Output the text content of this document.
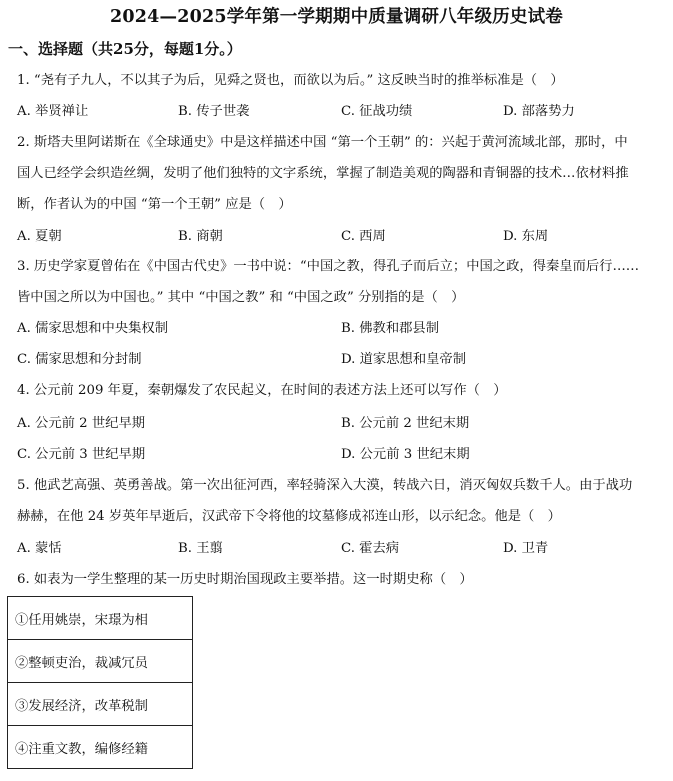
2024—2025学年第一学期期中质量调研八年级历史试卷
一、选择题（共25分，每题1分。）
1. “尧有子九人，不以其子为后，见舜之贤也，而欲以为后。” 这反映当时的推举标准是（　）
A. 举贤禅让	B. 传子世袭	C. 征战功绩	D. 部落势力
2. 斯塔夫里阿诺斯在《全球通史》中是这样描述中国 “第一个王朝” 的：兴起于黄河流域北部，那时，中
国人已经学会织造丝绸，发明了他们独特的文字系统，掌握了制造美观的陶器和青铜器的技术…依材料推
断，作者认为的中国 “第一个王朝” 应是（　）
A. 夏朝	B. 商朝	C. 西周	D. 东周
3. 历史学家夏曾佑在《中国古代史》一书中说：“中国之教，得孔子而后立；中国之政，得秦皇而后行……
皆中国之所以为中国也。” 其中 “中国之教” 和 “中国之政” 分别指的是（　）
A. 儒家思想和中央集权制	B. 佛教和郡县制
C. 儒家思想和分封制	D. 道家思想和皇帝制
4. 公元前 209 年夏，秦朝爆发了农民起义，在时间的表述方法上还可以写作（　）
A. 公元前 2 世纪早期	B. 公元前 2 世纪末期
C. 公元前 3 世纪早期	D. 公元前 3 世纪末期
5. 他武艺高强、英勇善战。第一次出征河西，率轻骑深入大漠，转战六日，消灭匈奴兵数千人。由于战功
赫赫，在他 24 岁英年早逝后，汉武帝下令将他的坟墓修成祁连山形，以示纪念。他是（　）
A. 蒙恬	B. 王翦	C. 霍去病	D. 卫青
6. 如表为一学生整理的某一历史时期治国现政主要举措。这一时期史称（　）
①任用姚崇，宋璟为相
②整顿吏治，裁减冗员
③发展经济，改革税制
④注重文教，编修经籍
